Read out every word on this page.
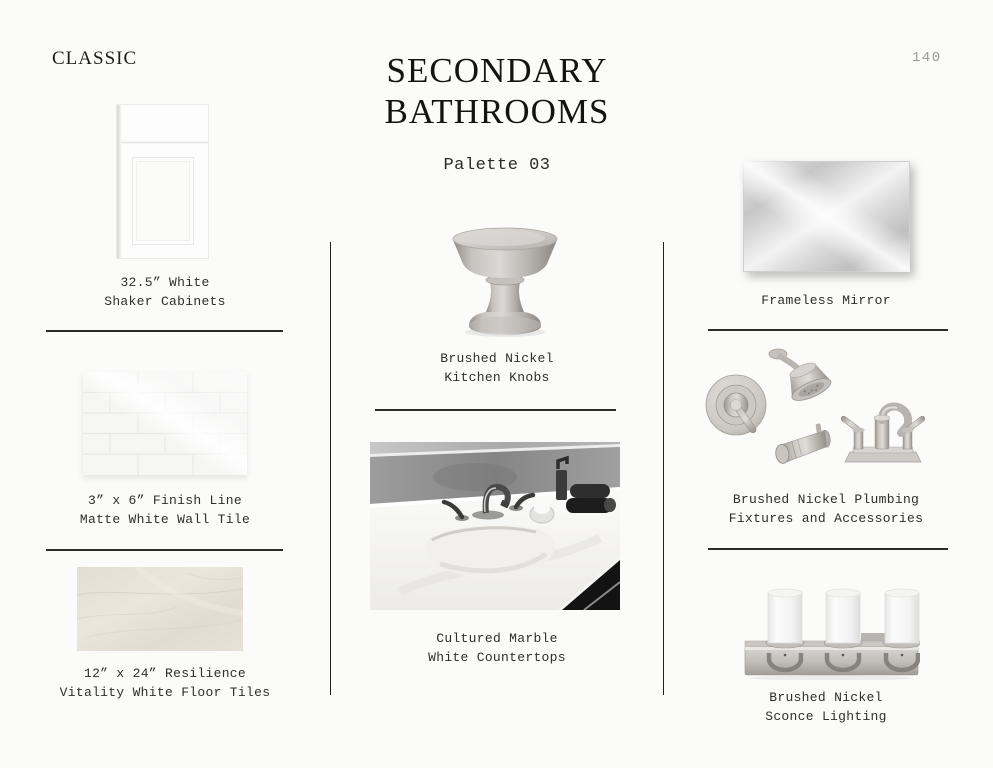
CLASSIC	140
SECONDARY
BATHROOMS
Palette 03
32.5” White
Shaker Cabinets
3” x 6” Finish Line
Matte White Wall Tile
12” x 24” Resilience
Vitality White Floor Tiles
Brushed Nickel
Kitchen Knobs
Cultured Marble
White Countertops
Frameless Mirror
Brushed Nickel Plumbing
Fixtures and Accessories
Brushed Nickel
Sconce Lighting
